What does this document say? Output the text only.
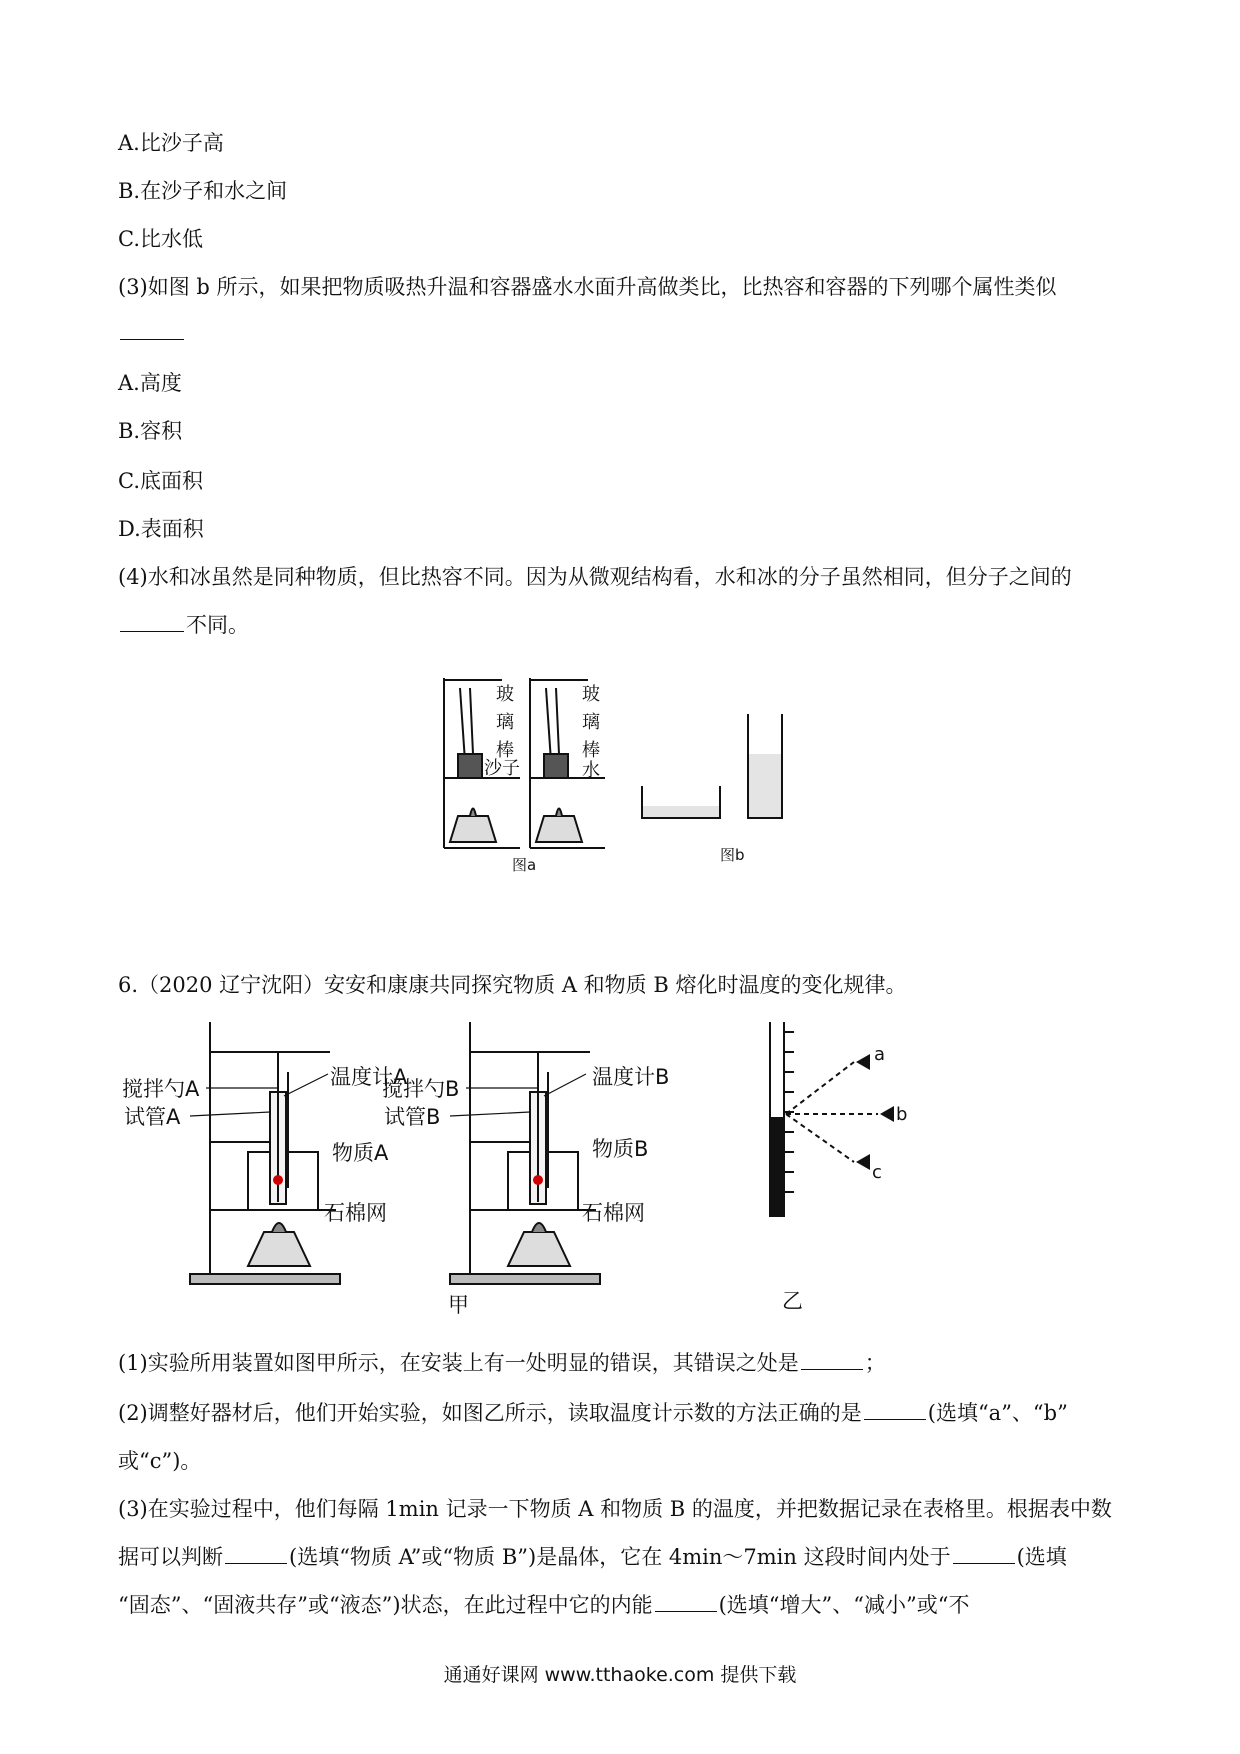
A.比沙子高
B.在沙子和水之间
C.比水低
(3)如图 b 所示，如果把物质吸热升温和容器盛水水面升高做类比，比热容和容器的下列哪个属性类似
A.高度
B.容积
C.底面积
D.表面积
(4)水和冰虽然是同种物质，但比热容不同。因为从微观结构看，水和冰的分子虽然相同，但分子之间的
不同。
玻
璃
棒
沙子
玻
璃
棒
水
图a
图b
6.（2020 辽宁沈阳）安安和康康共同探究物质 A 和物质 B 熔化时温度的变化规律。
搅拌勺A	温度计A
试管A
物质A
石棉网
搅拌勺B	温度计B
试管B
物质B
石棉网
甲
a
b
c
乙
(1)实验所用装置如图甲所示，在安装上有一处明显的错误，其错误之处是	；
(2)调整好器材后，他们开始实验，如图乙所示，读取温度计示数的方法正确的是	(选填“a”、“b”
或“c”)。
(3)在实验过程中，他们每隔 1min 记录一下物质 A 和物质 B 的温度，并把数据记录在表格里。根据表中数
据可以判断	(选填“物质 A”或“物质 B”)是晶体，它在 4min～7min 这段时间内处于	(选填
“固态”、“固液共存”或“液态”)状态，在此过程中它的内能	(选填“增大”、“减小”或“不
通通好课网 www.tthaoke.com 提供下载
